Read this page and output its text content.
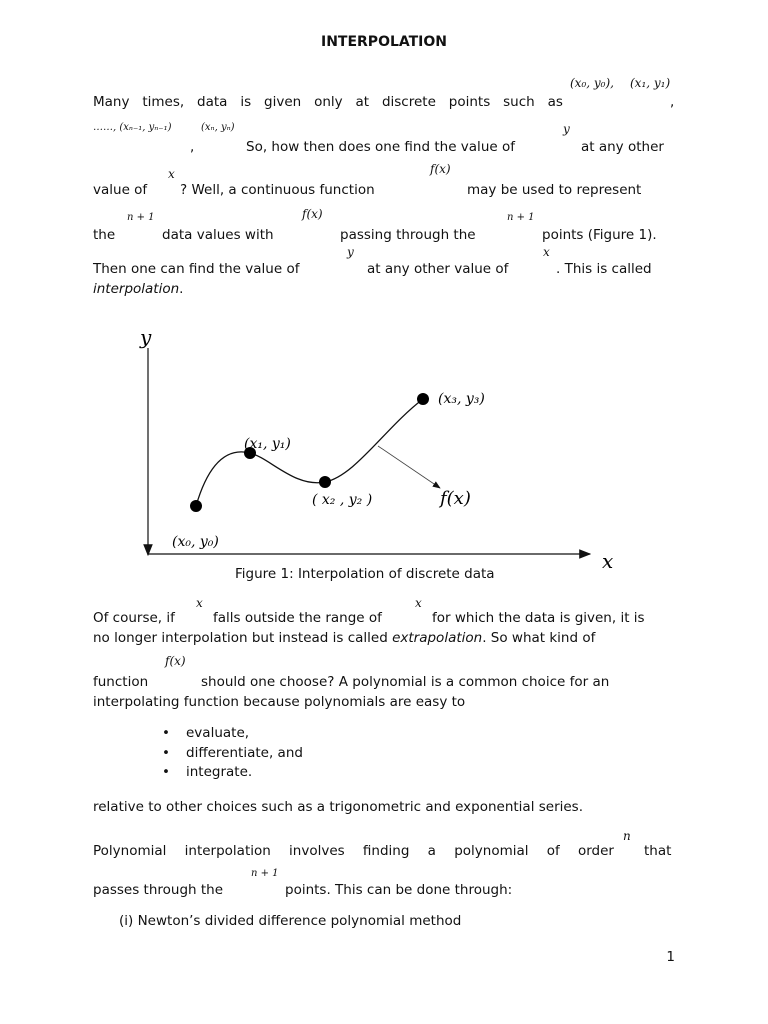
INTERPOLATION
(x₀, y₀), (x₁, y₁)
Many times, data is given only at discrete points such as	,
……, (xₙ₋₁, yₙ₋₁)	(xₙ, yₙ)
,	So, how then does one find the value of
y
at any other
x	f(x)
value of ? Well, a continuous function	may be used to represent
n + 1	f(x)	n + 1
the	data values with	passing through the	points (Figure 1).
y	x
Then one can find the value of	at any other value of	. This is called
interpolation.
y
x
(x₀, y₀)
(x₁, y₁)
( x₂ , y₂ )
(x₃, y₃)
f(x)
Figure 1: Interpolation of discrete data
x	x
Of course, if	falls outside the range of	for which the data is given, it is
no longer interpolation but instead is called extrapolation. So what kind of
f(x)
function	should one choose? A polynomial is a common choice for an
interpolating function because polynomials are easy to
• evaluate,
• differentiate, and
• integrate.
relative to other choices such as a trigonometric and exponential series.
n
Polynomial interpolation involves finding a polynomial of order that
n + 1
passes through the	points. This can be done through:
(i) Newton’s divided difference polynomial method
1
